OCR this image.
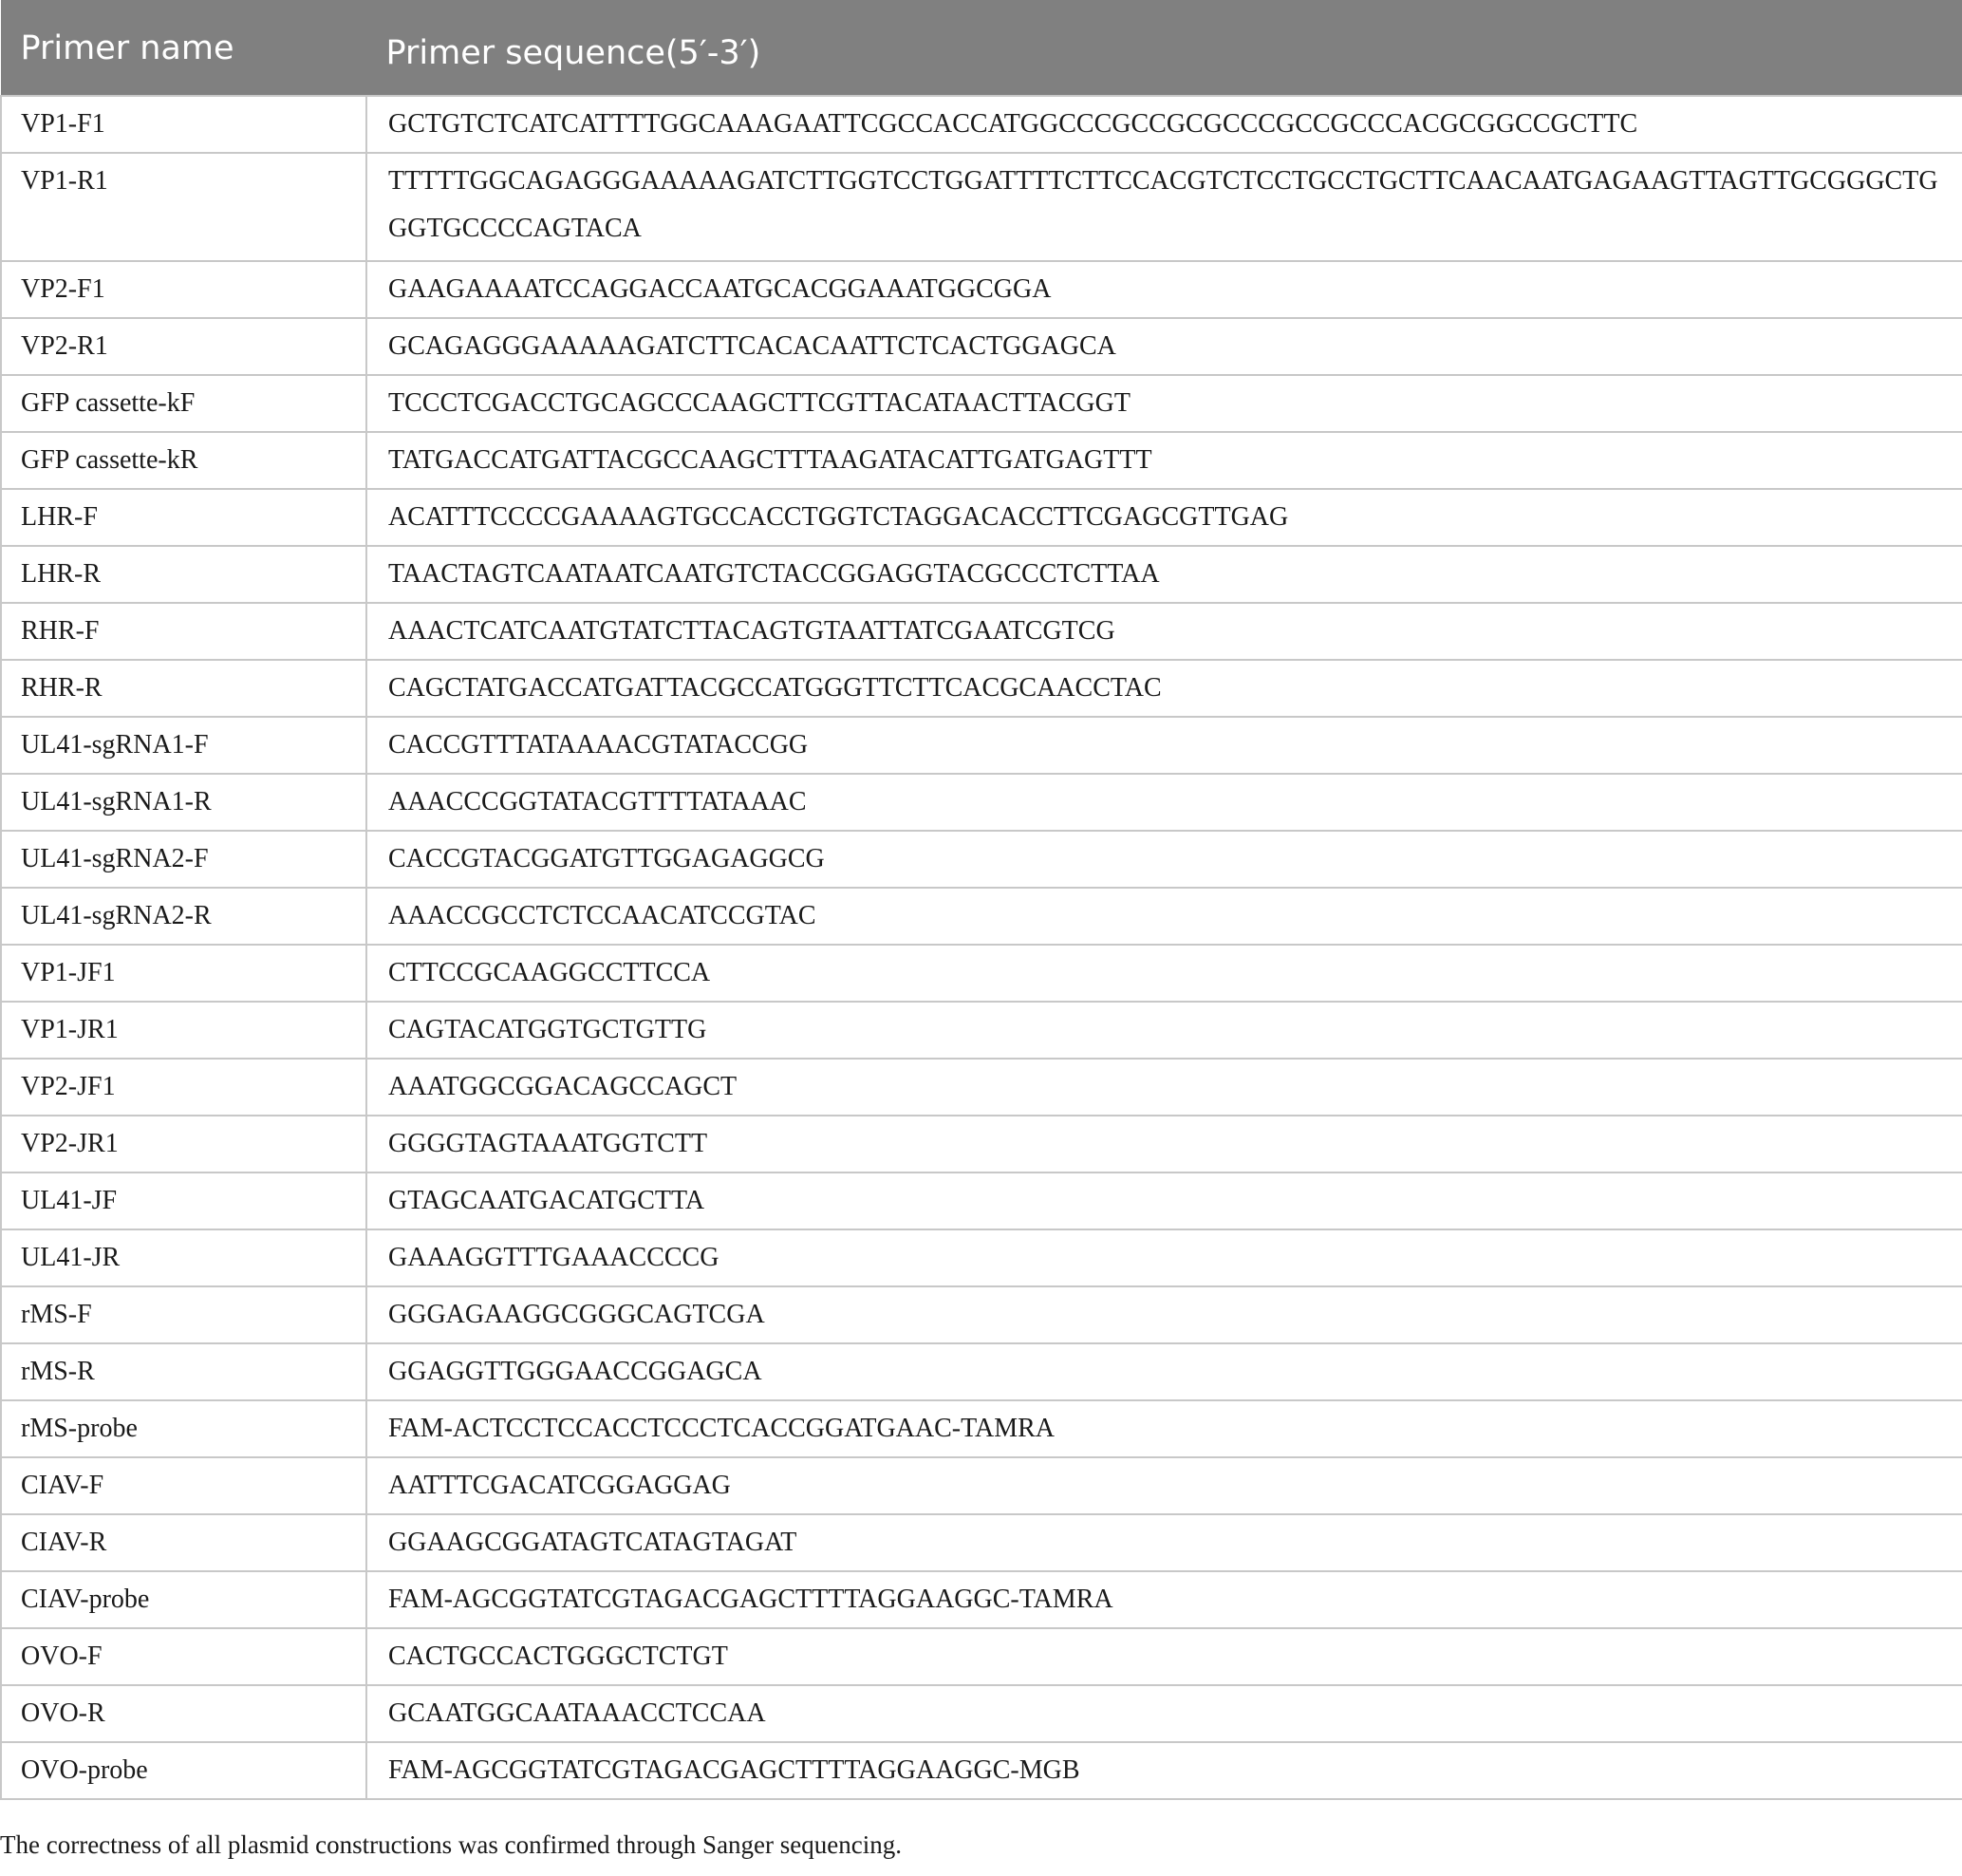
Primer name	Primer sequence(5′-3′)
VP1-F1	GCTGTCTCATCATTTTGGCAAAGAATTCGCCACCATGGCCCGCCGCGCCCGCCGCCCACGCGGCCGCTTC
VP1-R1	TTTTTGGCAGAGGGAAAAAGATCTTGGTCCTGGATTTTCTTCCACGTCTCCTGCCTGCTTCAACAATGAGAAGTTAGTTGCGGGCTGGGTGCCCCAGTACA
VP2-F1	GAAGAAAATCCAGGACCAATGCACGGAAATGGCGGA
VP2-R1	GCAGAGGGAAAAAGATCTTCACACAATTCTCACTGGAGCA
GFP cassette-kF	TCCCTCGACCTGCAGCCCAAGCTTCGTTACATAACTTACGGT
GFP cassette-kR	TATGACCATGATTACGCCAAGCTTTAAGATACATTGATGAGTTT
LHR-F	ACATTTCCCCGAAAAGTGCCACCTGGTCTAGGACACCTTCGAGCGTTGAG
LHR-R	TAACTAGTCAATAATCAATGTCTACCGGAGGTACGCCCTCTTAA
RHR-F	AAACTCATCAATGTATCTTACAGTGTAATTATCGAATCGTCG
RHR-R	CAGCTATGACCATGATTACGCCATGGGTTCTTCACGCAACCTAC
UL41-sgRNA1-F	CACCGTTTATAAAACGTATACCGG
UL41-sgRNA1-R	AAACCCGGTATACGTTTTATAAAC
UL41-sgRNA2-F	CACCGTACGGATGTTGGAGAGGCG
UL41-sgRNA2-R	AAACCGCCTCTCCAACATCCGTAC
VP1-JF1	CTTCCGCAAGGCCTTCCA
VP1-JR1	CAGTACATGGTGCTGTTG
VP2-JF1	AAATGGCGGACAGCCAGCT
VP2-JR1	GGGGTAGTAAATGGTCTT
UL41-JF	GTAGCAATGACATGCTTA
UL41-JR	GAAAGGTTTGAAACCCCG
rMS-F	GGGAGAAGGCGGGCAGTCGA
rMS-R	GGAGGTTGGGAACCGGAGCA
rMS-probe	FAM-ACTCCTCCACCTCCCTCACCGGATGAAC-TAMRA
CIAV-F	AATTTCGACATCGGAGGAG
CIAV-R	GGAAGCGGATAGTCATAGTAGAT
CIAV-probe	FAM-AGCGGTATCGTAGACGAGCTTTTAGGAAGGC-TAMRA
OVO-F	CACTGCCACTGGGCTCTGT
OVO-R	GCAATGGCAATAAACCTCCAA
OVO-probe	FAM-AGCGGTATCGTAGACGAGCTTTTAGGAAGGC-MGB
The correctness of all plasmid constructions was confirmed through Sanger sequencing.
